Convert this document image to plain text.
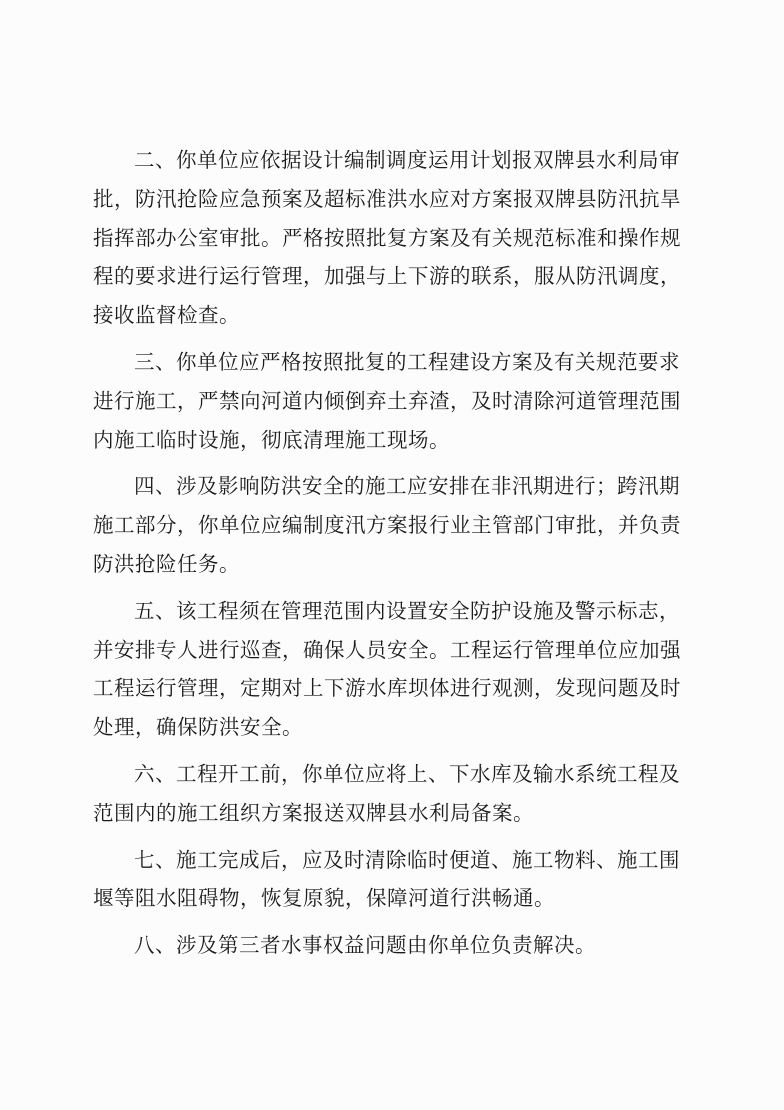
二、你单位应依据设计编制调度运用计划报双牌县水利局审
批，防汛抢险应急预案及超标准洪水应对方案报双牌县防汛抗旱
指挥部办公室审批。严格按照批复方案及有关规范标准和操作规
程的要求进行运行管理，加强与上下游的联系，服从防汛调度，
接收监督检查。
三、你单位应严格按照批复的工程建设方案及有关规范要求
进行施工，严禁向河道内倾倒弃土弃渣，及时清除河道管理范围
内施工临时设施，彻底清理施工现场。
四、涉及影响防洪安全的施工应安排在非汛期进行；跨汛期
施工部分，你单位应编制度汛方案报行业主管部门审批，并负责
防洪抢险任务。
五、该工程须在管理范围内设置安全防护设施及警示标志，
并安排专人进行巡查，确保人员安全。工程运行管理单位应加强
工程运行管理，定期对上下游水库坝体进行观测，发现问题及时
处理，确保防洪安全。
六、工程开工前，你单位应将上、下水库及输水系统工程及
范围内的施工组织方案报送双牌县水利局备案。
七、施工完成后，应及时清除临时便道、施工物料、施工围
堰等阻水阻碍物，恢复原貌，保障河道行洪畅通。
八、涉及第三者水事权益问题由你单位负责解决。
